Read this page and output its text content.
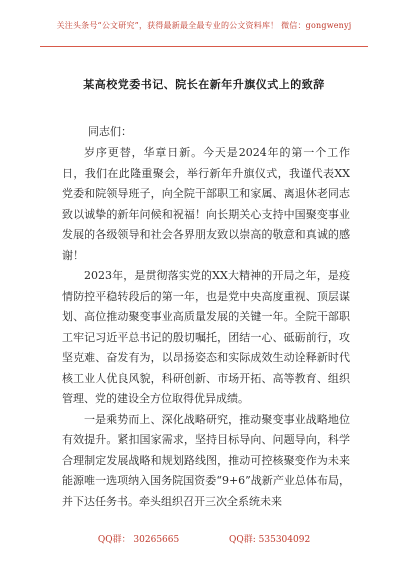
关注头条号“公文研究”，获得最新最全最专业的公文资料库！ 微信：gongwenyj
某高校党委书记、院长在新年升旗仪式上的致辞
同志们：

岁序更替，华章日新。今天是2024年的第一个工作日，我们在此隆重聚会，举行新年升旗仪式，我谨代表XX党委和院领导班子，向全院干部职工和家属、离退休老同志致以诚挚的新年问候和祝福！向长期关心支持中国聚变事业发展的各级领导和社会各界朋友致以崇高的敬意和真诚的感谢！

2023年，是贯彻落实党的XX大精神的开局之年，是疫情防控平稳转段后的第一年，也是党中央高度重视、顶层谋划、高位推动聚变事业高质量发展的关键一年。全院干部职工牢记习近平总书记的殷切嘱托，团结一心、砥砺前行，攻坚克难、奋发有为，以昂扬姿态和实际成效生动诠释新时代核工业人优良风貌，科研创新、市场开拓、高等教育、组织管理、党的建设全方位取得优异成绩。

一是乘势而上、深化战略研究，推动聚变事业战略地位有效提升。紧扣国家需求，坚持目标导向、问题导向，科学合理制定发展战略和规划路线图，推动可控核聚变作为未来能源唯一选项纳入国务院国资委“9+6”战新产业总体布局，并下达任务书。牵头组织召开三次全系统未来

QQ群： 30265665	QQ群: 535304092
